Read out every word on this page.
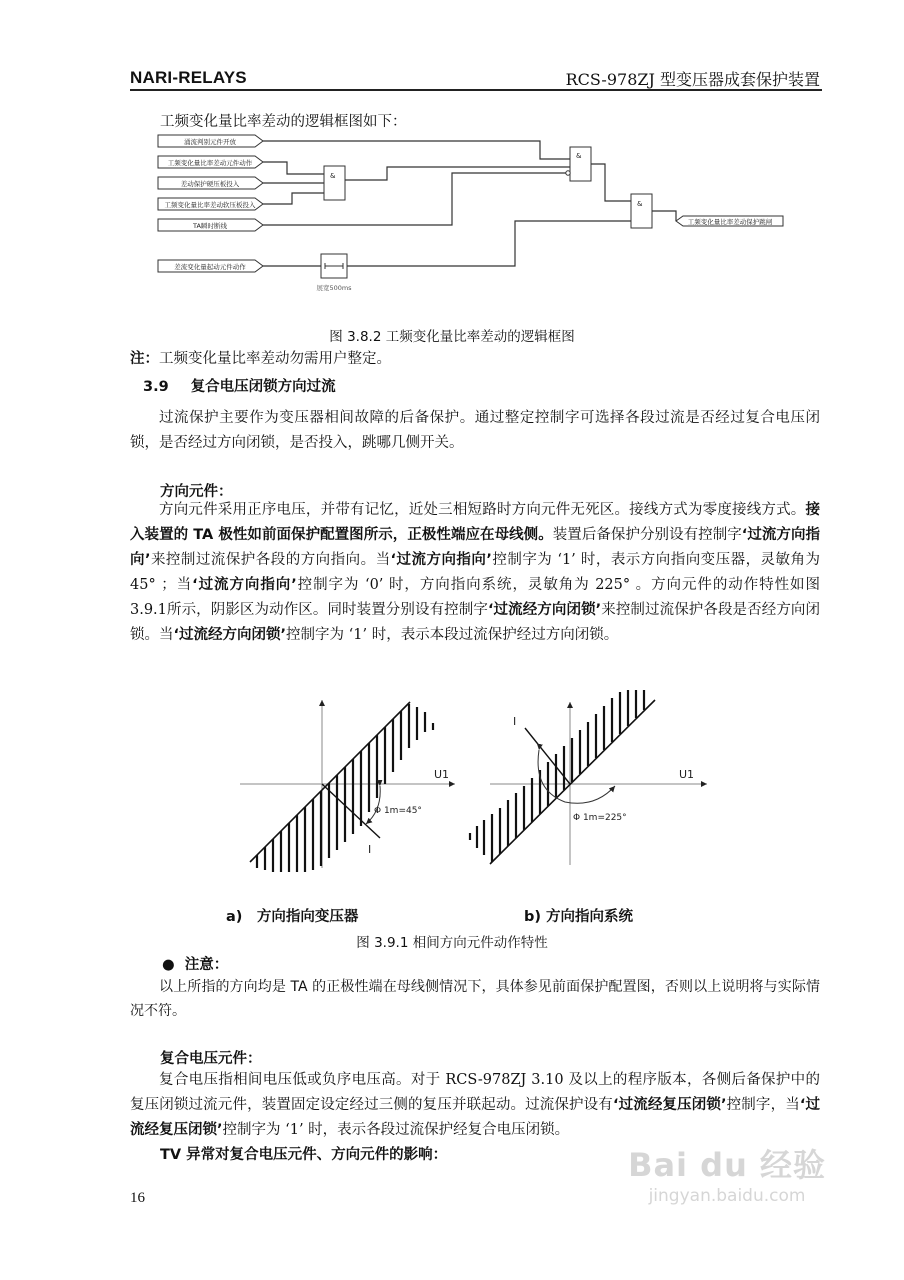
NARI-RELAYS	RCS-978ZJ 型变压器成套保护装置
工频变化量比率差动的逻辑框图如下：
涌流判别元件开放
工频变化量比率差动元件动作
差动保护硬压板投入
工频变化量比率差动软压板投入
TA瞬时断线
差流变化量起动元件动作
工频变化量比率差动保护跳闸
&
&
&
展宽500ms
图 3.8.2 工频变化量比率差动的逻辑框图
注：工频变化量比率差动勿需用户整定。
3.9 复合电压闭锁方向过流
过流保护主要作为变压器相间故障的后备保护。通过整定控制字可选择各段过流是否经过复合电压闭锁，是否经过方向闭锁，是否投入，跳哪几侧开关。
方向元件：
方向元件采用正序电压，并带有记忆，近处三相短路时方向元件无死区。接线方式为零度接线方式。接入装置的 TA 极性如前面保护配置图所示，正极性端应在母线侧。装置后备保护分别设有控制字‘过流方向指向’来控制过流保护各段的方向指向。当‘过流方向指向’控制字为 ‘1’ 时，表示方向指向变压器，灵敏角为 45° ；当‘过流方向指向’控制字为 ‘0’ 时，方向指向系统，灵敏角为 225° 。方向元件的动作特性如图 3.9.1所示，阴影区为动作区。同时装置分别设有控制字‘过流经方向闭锁’来控制过流保护各段是否经方向闭锁。当‘过流经方向闭锁’控制字为 ‘1’ 时，表示本段过流保护经过方向闭锁。
U1
I
Φ 1m=45°
U1
I
Φ 1m=225°
a)　方向指向变压器	b) 方向指向系统
图 3.9.1 相间方向元件动作特性
● 注意：
以上所指的方向均是 TA 的正极性端在母线侧情况下，具体参见前面保护配置图，否则以上说明将与实际情况不符。
复合电压元件：
复合电压指相间电压低或负序电压高。对于 RCS-978ZJ 3.10 及以上的程序版本，各侧后备保护中的复压闭锁过流元件，装置固定设定经过三侧的复压并联起动。过流保护设有‘过流经复压闭锁’控制字，当‘过流经复压闭锁’控制字为 ‘1’ 时，表示各段过流保护经复合电压闭锁。
TV 异常对复合电压元件、方向元件的影响：
16
Bai du 经验
jingyan.baidu.com
